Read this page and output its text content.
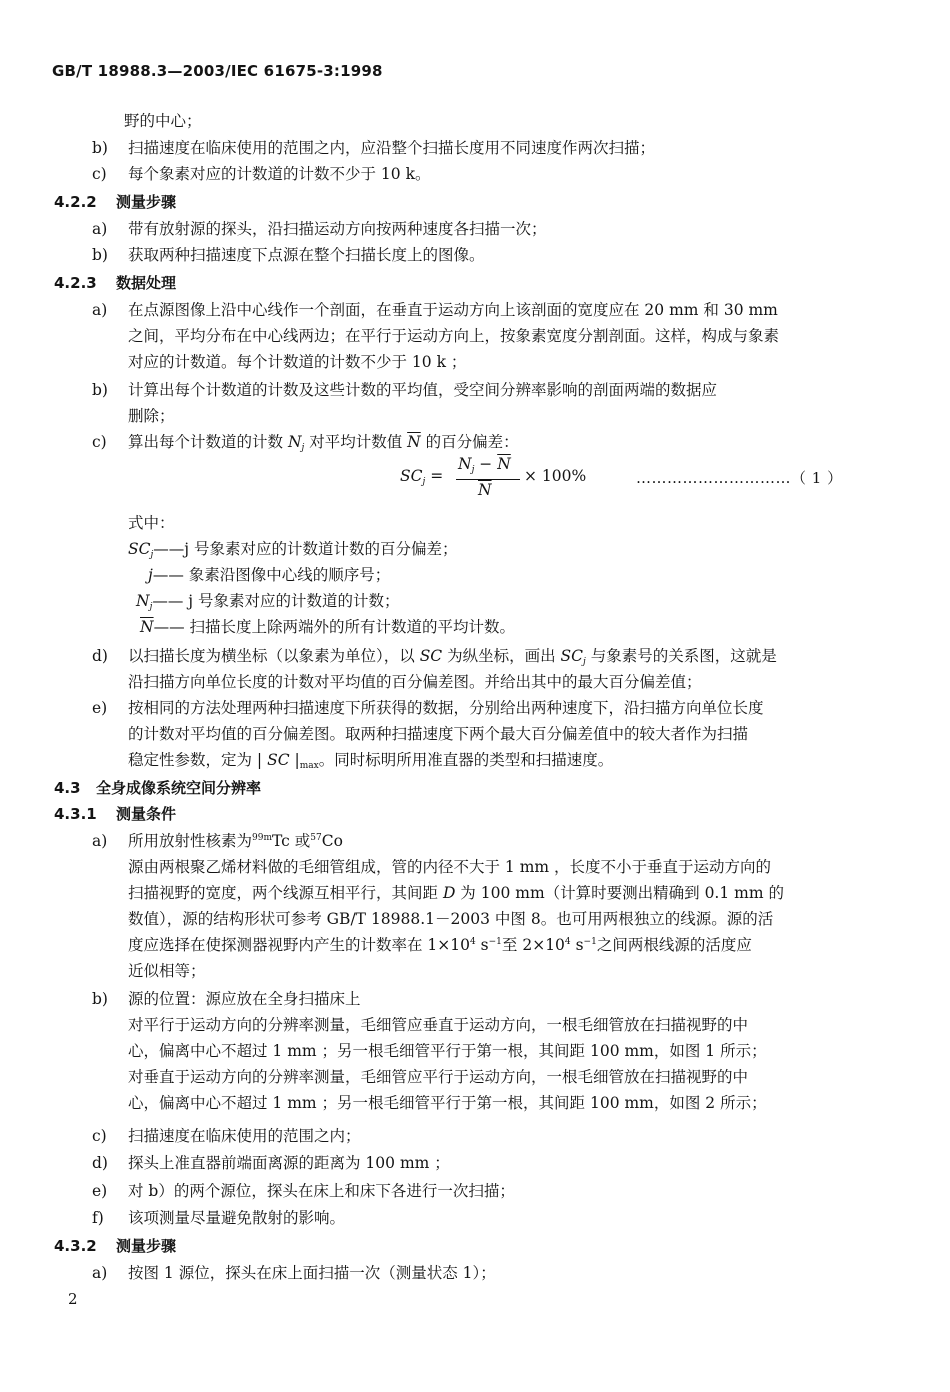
GB/T 18988.3—2003/IEC 61675-3:1998
野的中心；
b) 扫描速度在临床使用的范围之内，应沿整个扫描长度用不同速度作两次扫描；
c) 每个象素对应的计数道的计数不少于 10 k。
4.2.2 测量步骤
a) 带有放射源的探头，沿扫描运动方向按两种速度各扫描一次；
b) 获取两种扫描速度下点源在整个扫描长度上的图像。
4.2.3 数据处理
a) 在点源图像上沿中心线作一个剖面，在垂直于运动方向上该剖面的宽度应在 20 mm 和 30 mm
之间，平均分布在中心线两边；在平行于运动方向上，按象素宽度分割剖面。这样，构成与象素
对应的计数道。每个计数道的计数不少于 10 k ；
b) 计算出每个计数道的计数及这些计数的平均值，受空间分辨率影响的剖面两端的数据应
删除；
c) 算出每个计数道的计数 $N_j$ 对平均计数值 $\overline{N}$ 的百分偏差：
$SC_j$ =
$N_j - \overline{N}$
$\overline{N}$
× 100%	…………………………（ 1 ）
式中：
$SC_j——j$ 号象素对应的计数道计数的百分偏差；
j—— 象素沿图像中心线的顺序号；
$N_j——$ j 号象素对应的计数道的计数；
$\overline{N}——$ 扫描长度上除两端外的所有计数道的平均计数。
d) 以扫描长度为横坐标（以象素为单位），以 SC 为纵坐标，画出 $SC_j$ 与象素号的关系图，这就是
沿扫描方向单位长度的计数对平均值的百分偏差图。并给出其中的最大百分偏差值；
e) 按相同的方法处理两种扫描速度下所获得的数据，分别给出两种速度下，沿扫描方向单位长度
的计数对平均值的百分偏差图。取两种扫描速度下两个最大百分偏差值中的较大者作为扫描
稳定性参数，定为 | SC $|_{max}$。同时标明所用准直器的类型和扫描速度。
4.3 全身成像系统空间分辨率
4.3.1 测量条件
a) 所用放射性核素为$^{99m}$Tc 或$^{57}$Co
源由两根聚乙烯材料做的毛细管组成，管的内径不大于 1 mm ，长度不小于垂直于运动方向的
扫描视野的宽度，两个线源互相平行，其间距 D 为 100 mm（计算时要测出精确到 0.1 mm 的
数值），源的结构形状可参考 GB/T 18988.1－2003 中图 8。也可用两根独立的线源。源的活
度应选择在使探测器视野内产生的计数率在 $1\times 10^4$ $s^{-1}$至 $2\times 10^4$ $s^{-1}$之间两根线源的活度应
近似相等；
b) 源的位置：源应放在全身扫描床上
对平行于运动方向的分辨率测量，毛细管应垂直于运动方向，一根毛细管放在扫描视野的中
心，偏离中心不超过 1 mm ；另一根毛细管平行于第一根，其间距 100 mm，如图 1 所示；
对垂直于运动方向的分辨率测量，毛细管应平行于运动方向，一根毛细管放在扫描视野的中
心，偏离中心不超过 1 mm ；另一根毛细管平行于第一根，其间距 100 mm，如图 2 所示；
c) 扫描速度在临床使用的范围之内；
d) 探头上准直器前端面离源的距离为 100 mm ；
e) 对 b）的两个源位，探头在床上和床下各进行一次扫描；
f) 该项测量尽量避免散射的影响。
4.3.2 测量步骤
a) 按图 1 源位，探头在床上面扫描一次（测量状态 1）；
2
